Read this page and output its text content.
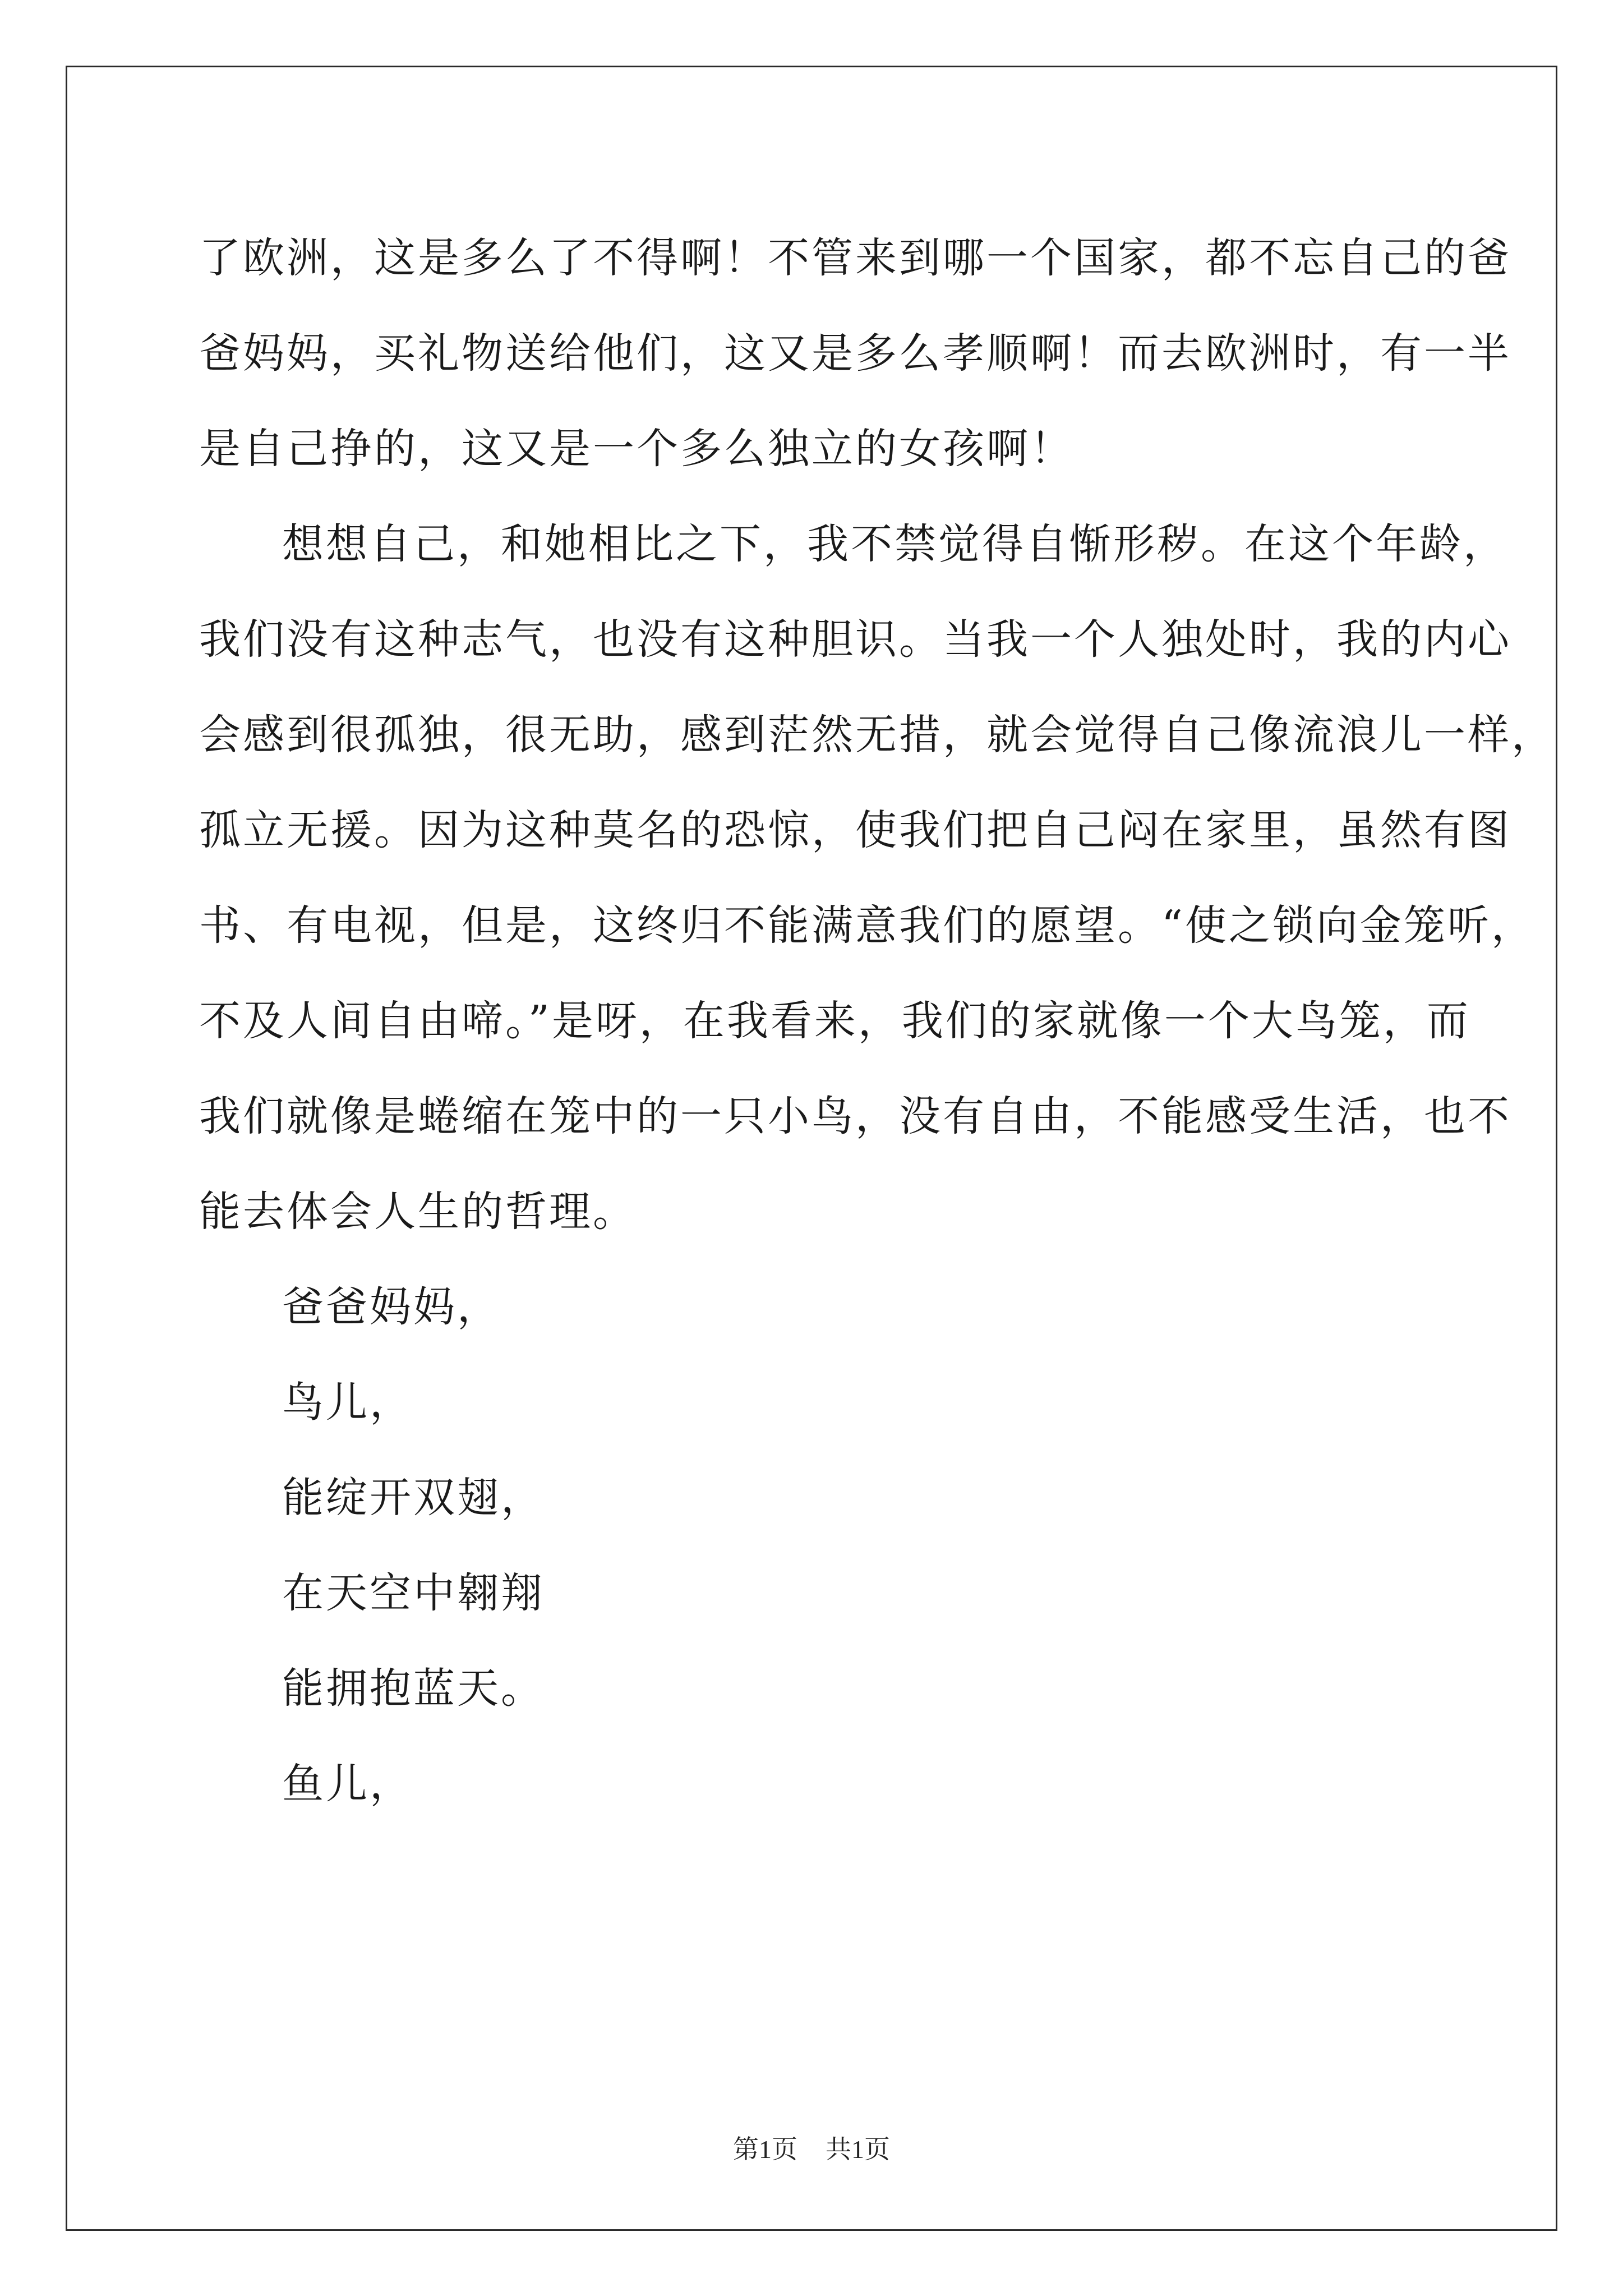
了欧洲，这是多么了不得啊！不管来到哪一个国家，都不忘自己的爸

爸妈妈，买礼物送给他们，这又是多么孝顺啊！而去欧洲时，有一半

是自己挣的，这又是一个多么独立的女孩啊！

想想自己，和她相比之下，我不禁觉得自惭形秽。在这个年龄，

我们没有这种志气，也没有这种胆识。当我一个人独处时，我的内心

会感到很孤独，很无助，感到茫然无措，就会觉得自己像流浪儿一样，

孤立无援。因为这种莫名的恐惊，使我们把自己闷在家里，虽然有图

书、有电视，但是，这终归不能满意我们的愿望。“使之锁向金笼听，

不及人间自由啼。”是呀，在我看来，我们的家就像一个大鸟笼，而

我们就像是蜷缩在笼中的一只小鸟，没有自由，不能感受生活，也不

能去体会人生的哲理。

爸爸妈妈，

鸟儿，

能绽开双翅，

在天空中翱翔

能拥抱蓝天。

鱼儿，

第1页 共1页
